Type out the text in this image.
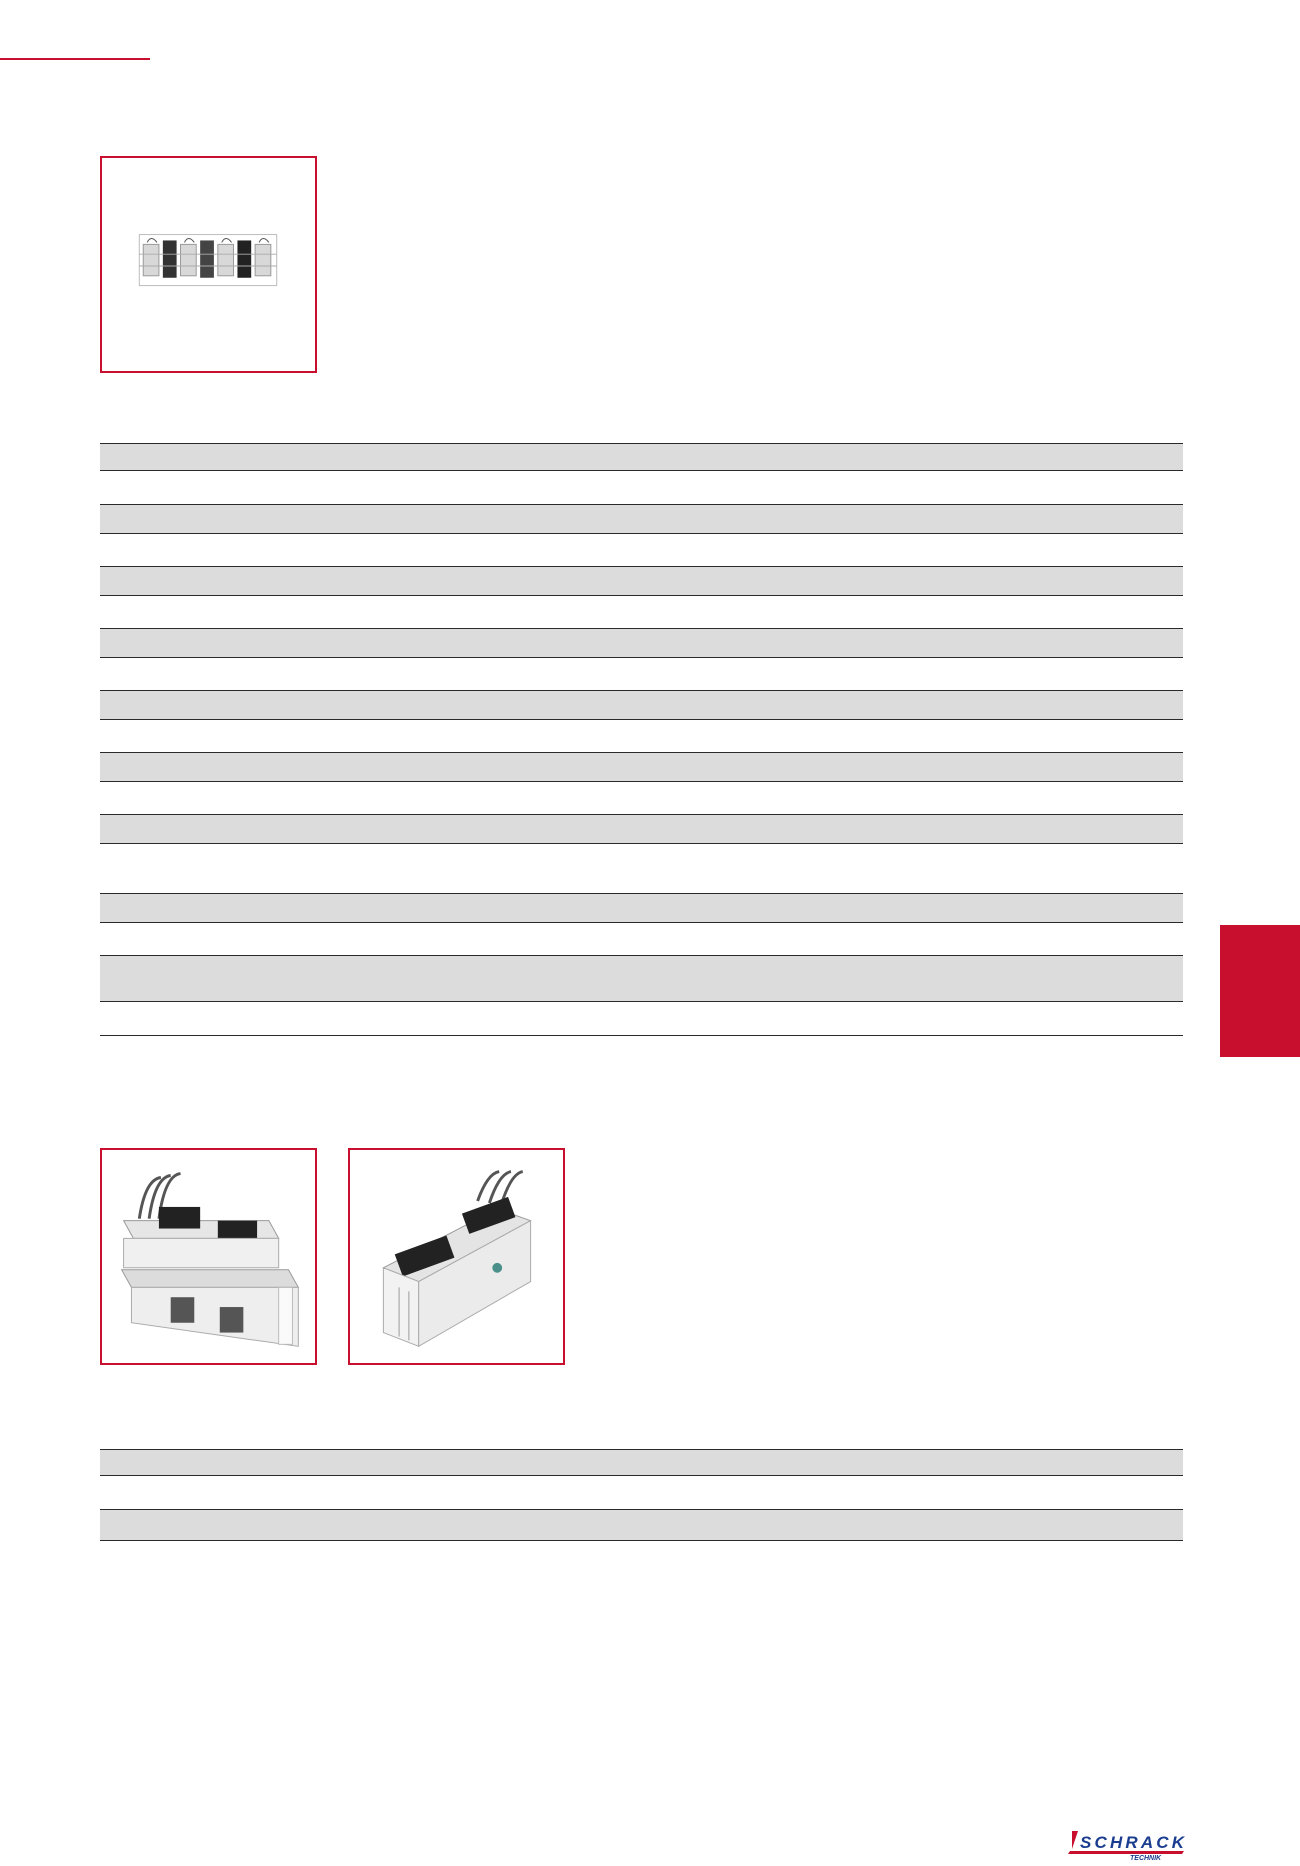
SCHRACK
TECHNIK
